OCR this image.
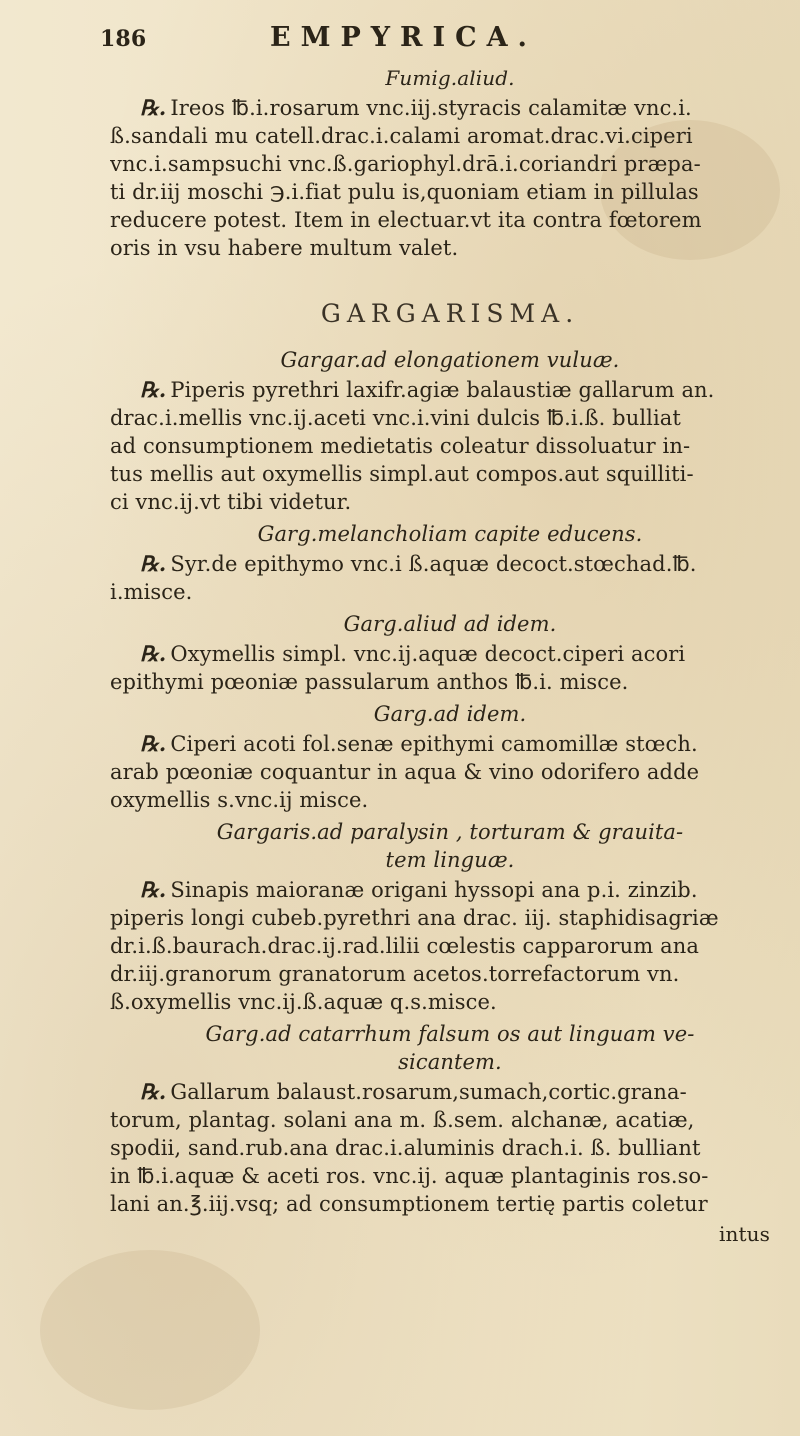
186	EMPYRICA.
Fumig.aliud.
℞. Ireos ℔.i.rosarum vnc.iij.styracis calamitæ vnc.i.
ß.sandali mu catell.drac.i.calami aromat.drac.vi.ciperi
vnc.i.sampsuchi vnc.ß.gariophyl.drā.i.coriandri præpa-
ti dr.iij moschi ℈.i.fiat pulu is,quoniam etiam in pillulas
reducere potest. Item in electuar.vt ita contra fœtorem
oris in vsu habere multum valet.
GARGARISMA.
Gargar.ad elongationem vuluæ.
℞. Piperis pyrethri laxifr.agiæ balaustiæ gallarum an.
drac.i.mellis vnc.ij.aceti vnc.i.vini dulcis ℔.i.ß. bulliat
ad consumptionem medietatis coleatur dissoluatur in-
tus mellis aut oxymellis simpl.aut compos.aut squilliti-
ci vnc.ij.vt tibi videtur.
Garg.melancholiam capite educens.
℞. Syr.de epithymo vnc.i ß.aquæ decoct.stœchad.℔.
i.misce.
Garg.aliud ad idem.
℞. Oxymellis simpl. vnc.ij.aquæ decoct.ciperi acori
epithymi pœoniæ passularum anthos ℔.i. misce.
Garg.ad idem.
℞. Ciperi acoti fol.senæ epithymi camomillæ stœch.
arab pœoniæ coquantur in aqua & vino odorifero adde
oxymellis s.vnc.ij misce.
Gargaris.ad paralysin , torturam & grauita-
tem linguæ.
℞. Sinapis maioranæ origani hyssopi ana p.i. zinzib.
piperis longi cubeb.pyrethri ana drac. iij. staphidisagriæ
dr.i.ß.baurach.drac.ij.rad.lilii cœlestis capparorum ana
dr.iij.granorum granatorum acetos.torrefactorum vn.
ß.oxymellis vnc.ij.ß.aquæ q.s.misce.
Garg.ad catarrhum falsum os aut linguam ve-
sicantem.
℞. Gallarum balaust.rosarum,sumach,cortic.grana-
torum, plantag. solani ana m. ß.sem. alchanæ, acatiæ,
spodii, sand.rub.ana drac.i.aluminis drach.i. ß. bulliant
in ℔.i.aquæ & aceti ros. vnc.ij. aquæ plantaginis ros.so-
lani an.℥.iij.vsq; ad consumptionem tertię partis coletur
intus
